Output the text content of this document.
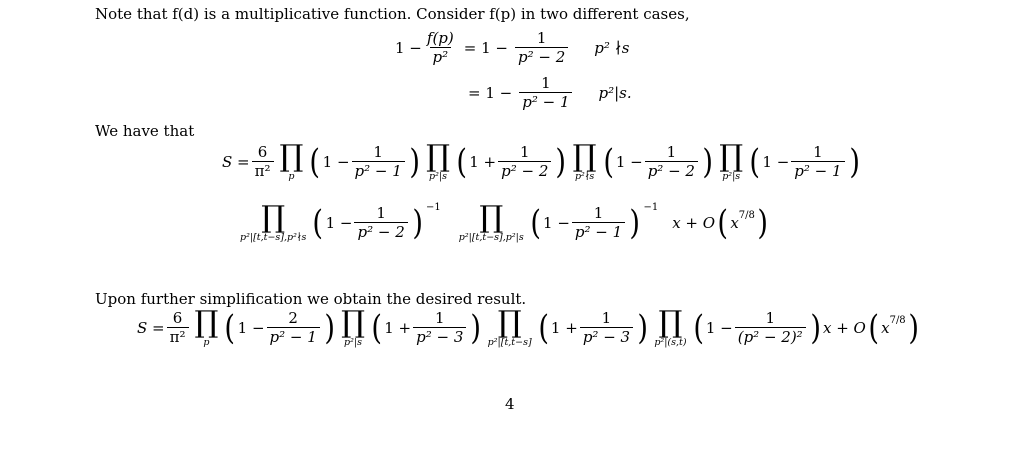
Note that f(d) is a multiplicative function. Consider f(p) in two different cases,
$1 - \frac{f(p)}{\text{p²}} = 1 - \frac{1}{\text{p² − 2}} p^2$ ∤s
= $1 - \frac{1}{\text{p² − 1}} p^2|s$.
We have that
$S = \frac{6}{\text{π²}}$ ∏
p ( $1 - \frac{1}{\text{p² − 1}}$ ) ∏
p²|s ( $1 + \frac{1}{\text{p² − 2}}$ ) ∏
p²∤s ( $1 - \frac{1}{\text{p² − 2}}$ ) ∏
p²|s ( $1 - \frac{1}{\text{p² − 1}}$ )
∏
p²|[t,t−s],p²∤s ( $1 - \frac{1}{\text{p² − 2}}$ ) −1 ∏
p²|[t,t−s],p²|s ( $1 - \frac{1}{\text{p² − 1}}$ ) −1
x + O ( x 7/8 )
Upon further simplification we obtain the desired result.
$S = \frac{6}{\text{π²}}$ ∏
p ( $1 - \frac{2}{\text{p² − 1}}$ ) ∏
p²|s ( $1 + \frac{1}{\text{p² − 3}}$ ) ∏
p²|[t,t−s] ( $1 + \frac{1}{\text{p² − 3}}$ ) ∏
p²|(s,t) ( $1 - \frac{1}{\text{(p² − 2)²}}$ ) x + O ( x 7/8 )
4
